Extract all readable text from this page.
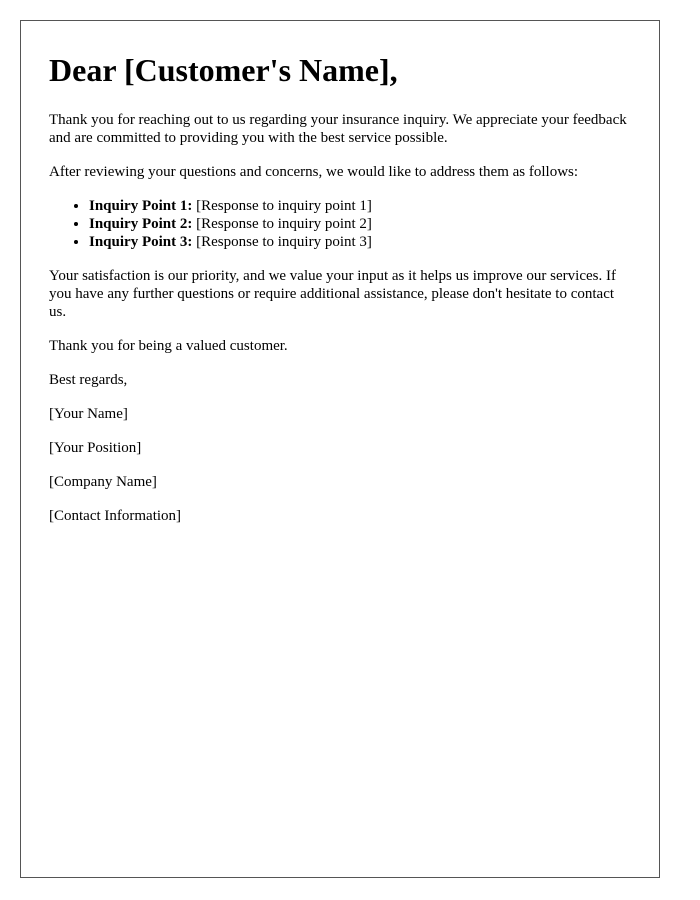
Dear [Customer's Name],

Thank you for reaching out to us regarding your insurance inquiry. We appreciate your feedback and are committed to providing you with the best service possible.

After reviewing your questions and concerns, we would like to address them as follows:

• Inquiry Point 1: [Response to inquiry point 1]
• Inquiry Point 2: [Response to inquiry point 2]
• Inquiry Point 3: [Response to inquiry point 3]

Your satisfaction is our priority, and we value your input as it helps us improve our services. If you have any further questions or require additional assistance, please don't hesitate to contact us.

Thank you for being a valued customer.

Best regards,

[Your Name]

[Your Position]

[Company Name]

[Contact Information]
